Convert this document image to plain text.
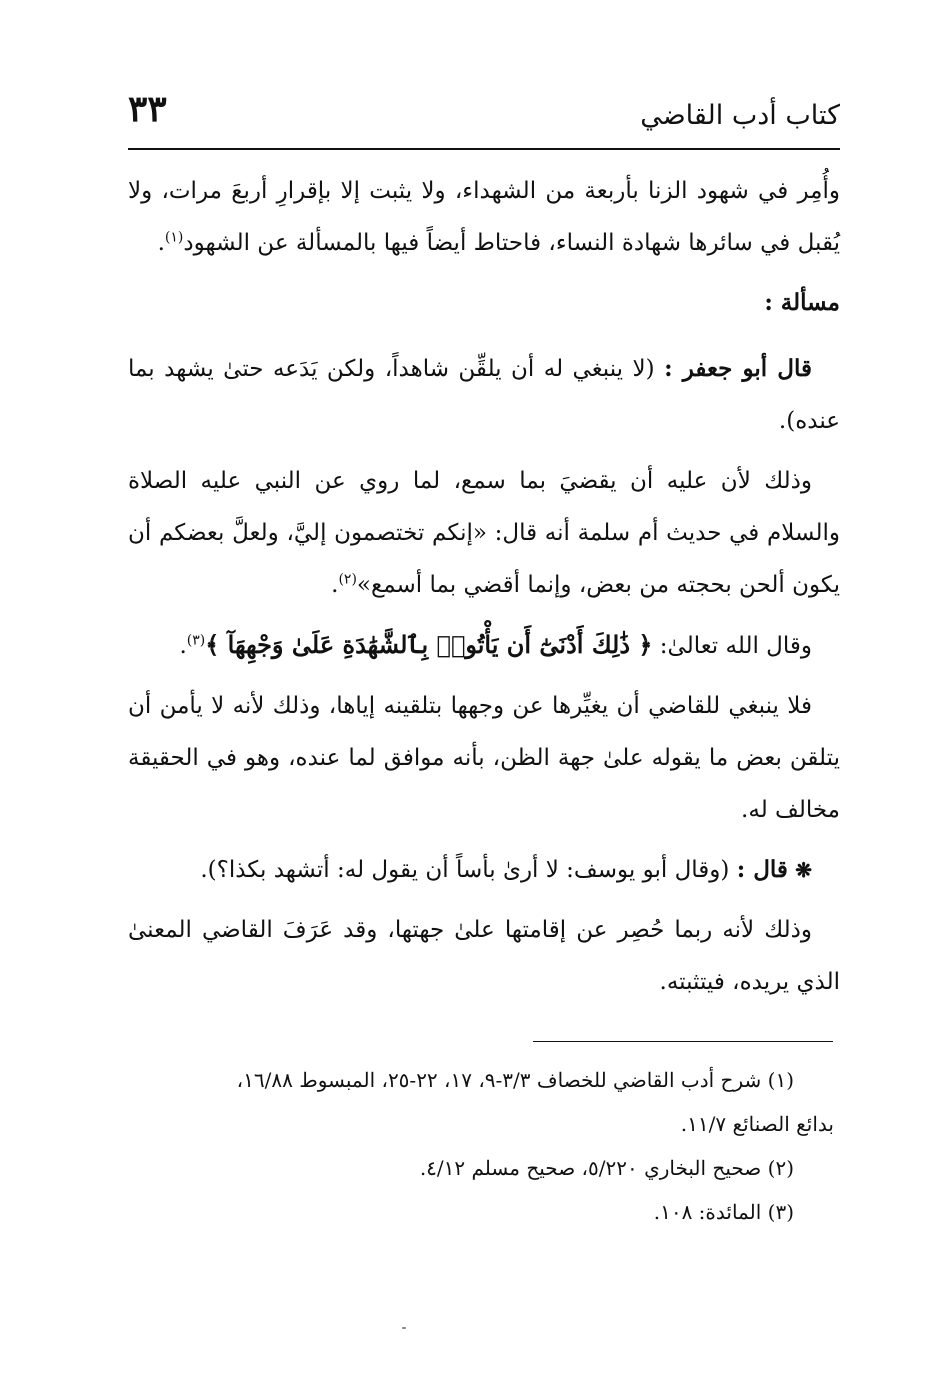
كتاب أدب القاضي
٣٣

وأُمِر في شهود الزنا بأربعة من الشهداء، ولا يثبت إلا بإقرارِ أربعَ مرات، ولا يُقبل في سائرها شهادة النساء، فاحتاط أيضاً فيها بالمسألة عن الشهود$^{(١)}$.

مسألة :

قال أبو جعفر : (لا ينبغي له أن يلقِّن شاهداً، ولكن يَدَعه حتىٰ يشهد بما عنده).

وذلك لأن عليه أن يقضيَ بما سمع، لما روي عن النبي عليه الصلاة والسلام في حديث أم سلمة أنه قال: «إنكم تختصمون إليَّ، ولعلَّ بعضكم أن يكون ألحن بحجته من بعض، وإنما أقضي بما أسمع»$^{(٢)}$.

وقال الله تعالىٰ: ﴿ ذَٰلِكَ أَدْنَىٰٓ أَن يَأْتُوا۟ بِٱلشَّهَٰدَةِ عَلَىٰ وَجْهِهَآ ﴾$^{(٣)}$.

فلا ينبغي للقاضي أن يغيِّرها عن وجهها بتلقينه إياها، وذلك لأنه لا يأمن أن يتلقن بعض ما يقوله علىٰ جهة الظن، بأنه موافق لما عنده، وهو في الحقيقة مخالف له.

❋ قال : (وقال أبو يوسف: لا أرىٰ بأساً أن يقول له: أتشهد بكذا؟).

وذلك لأنه ربما حُصِر عن إقامتها علىٰ جهتها، وقد عَرَفَ القاضي المعنىٰ الذي يريده، فيتثبته.

(١) شرح أدب القاضي للخصاف ٣/٣-٩، ١٧، ٢٢-٢٥، المبسوط ١٦/٨٨،
بدائع الصنائع ١١/٧.
(٢) صحيح البخاري ٥/٢٢٠، صحيح مسلم ٤/١٢.
(٣) المائدة: ١٠٨.
